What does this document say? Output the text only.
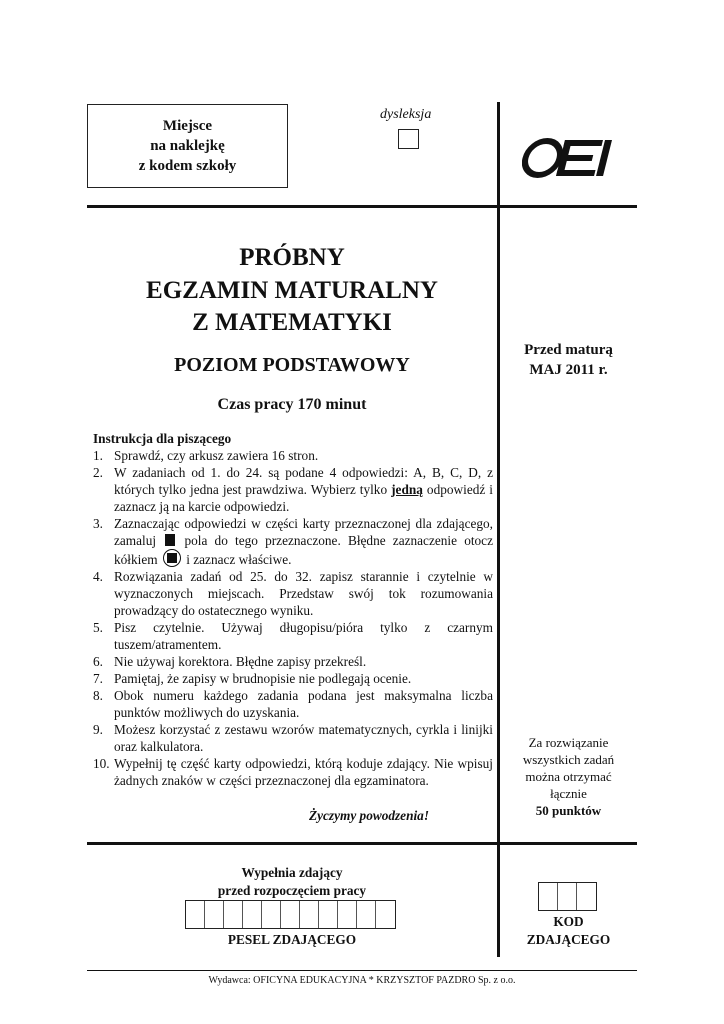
Miejsce
na naklejkę
z kodem szkoły
dysleksja
PRÓBNY
EGZAMIN MATURALNY
Z MATEMATYKI
POZIOM PODSTAWOWY
Czas pracy 170 minut
Przed maturą
MAJ 2011 r.
Instrukcja dla piszącego
1. Sprawdź, czy arkusz zawiera 16 stron.
2. W zadaniach od 1. do 24. są podane 4 odpowiedzi: A, B, C, D, z których tylko jedna jest prawdziwa. Wybierz tylko jedną odpowiedź i zaznacz ją na karcie odpowiedzi.
3. Zaznaczając odpowiedzi w części karty przeznaczonej dla zdającego, zamaluj  pola do tego przeznaczone. Błędne zaznaczenie otocz kółkiem  i zaznacz właściwe.
4. Rozwiązania zadań od 25. do 32. zapisz starannie i czytelnie w wyznaczonych miejscach. Przedstaw swój tok rozumowania prowadzący do ostatecznego wyniku.
5. Pisz czytelnie. Używaj długopisu/pióra tylko z czarnym tuszem/atramentem.
6. Nie używaj korektora. Błędne zapisy przekreśl.
7. Pamiętaj, że zapisy w brudnopisie nie podlegają ocenie.
8. Obok numeru każdego zadania podana jest maksymalna liczba punktów możliwych do uzyskania.
9. Możesz korzystać z zestawu wzorów matematycznych, cyrkla i linijki oraz kalkulatora.
10. Wypełnij tę część karty odpowiedzi, którą koduje zdający. Nie wpisuj żadnych znaków w części przeznaczonej dla egzaminatora.
Życzymy powodzenia!
Za rozwiązanie
wszystkich zadań
można otrzymać
łącznie
50 punktów
Wypełnia zdający
przed rozpoczęciem pracy
PESEL ZDAJĄCEGO
KOD
ZDAJĄCEGO
Wydawca: OFICYNA EDUKACYJNA * KRZYSZTOF PAZDRO Sp. z o.o.
